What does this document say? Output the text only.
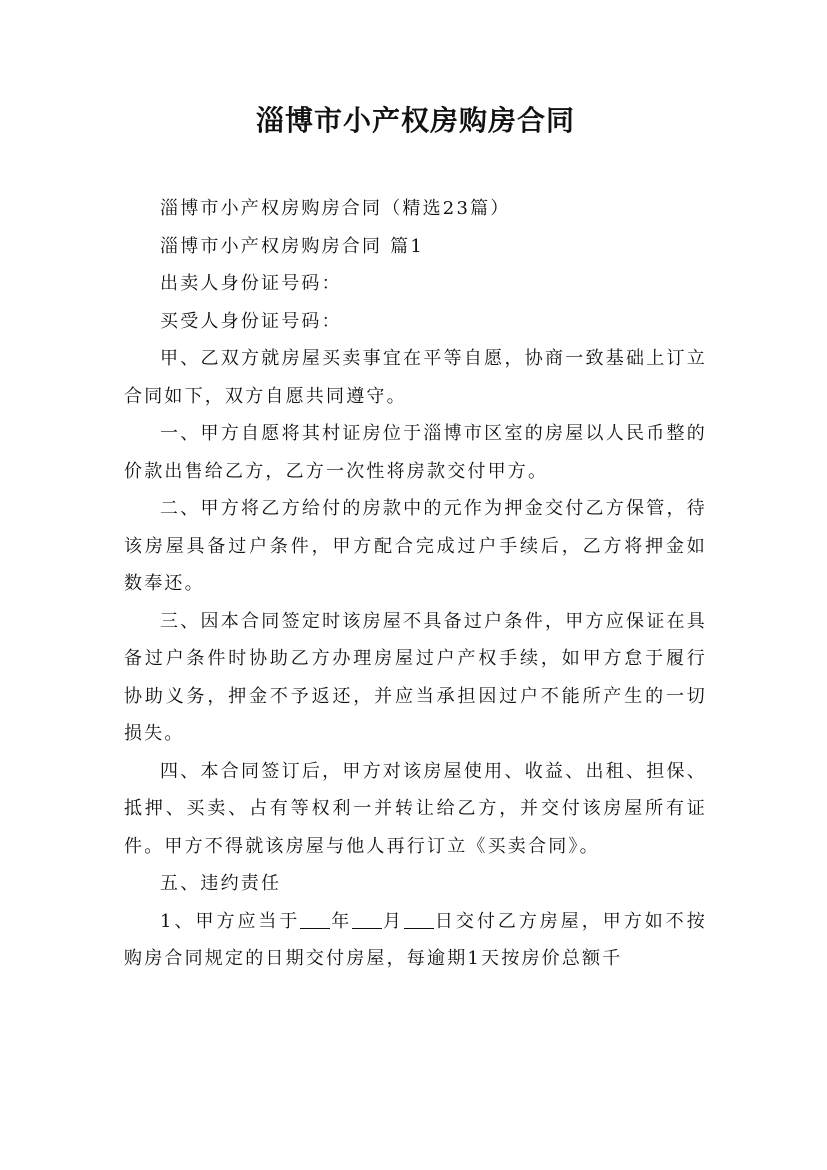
淄博市小产权房购房合同

淄博市小产权房购房合同（精选23篇）

淄博市小产权房购房合同 篇1

出卖人身份证号码：

买受人身份证号码：

甲、乙双方就房屋买卖事宜在平等自愿，协商一致基础上订立合同如下，双方自愿共同遵守。

一、甲方自愿将其村证房位于淄博市区室的房屋以人民币整的价款出售给乙方，乙方一次性将房款交付甲方。

二、甲方将乙方给付的房款中的元作为押金交付乙方保管，待该房屋具备过户条件，甲方配合完成过户手续后，乙方将押金如数奉还。

三、因本合同签定时该房屋不具备过户条件，甲方应保证在具备过户条件时协助乙方办理房屋过户产权手续，如甲方怠于履行协助义务，押金不予返还，并应当承担因过户不能所产生的一切损失。

四、本合同签订后，甲方对该房屋使用、收益、出租、担保、抵押、买卖、占有等权利一并转让给乙方，并交付该房屋所有证件。甲方不得就该房屋与他人再行订立《买卖合同》。

五、违约责任

1、甲方应当于 年 月 日交付乙方房屋，甲方如不按购房合同规定的日期交付房屋，每逾期1天按房价总额千
